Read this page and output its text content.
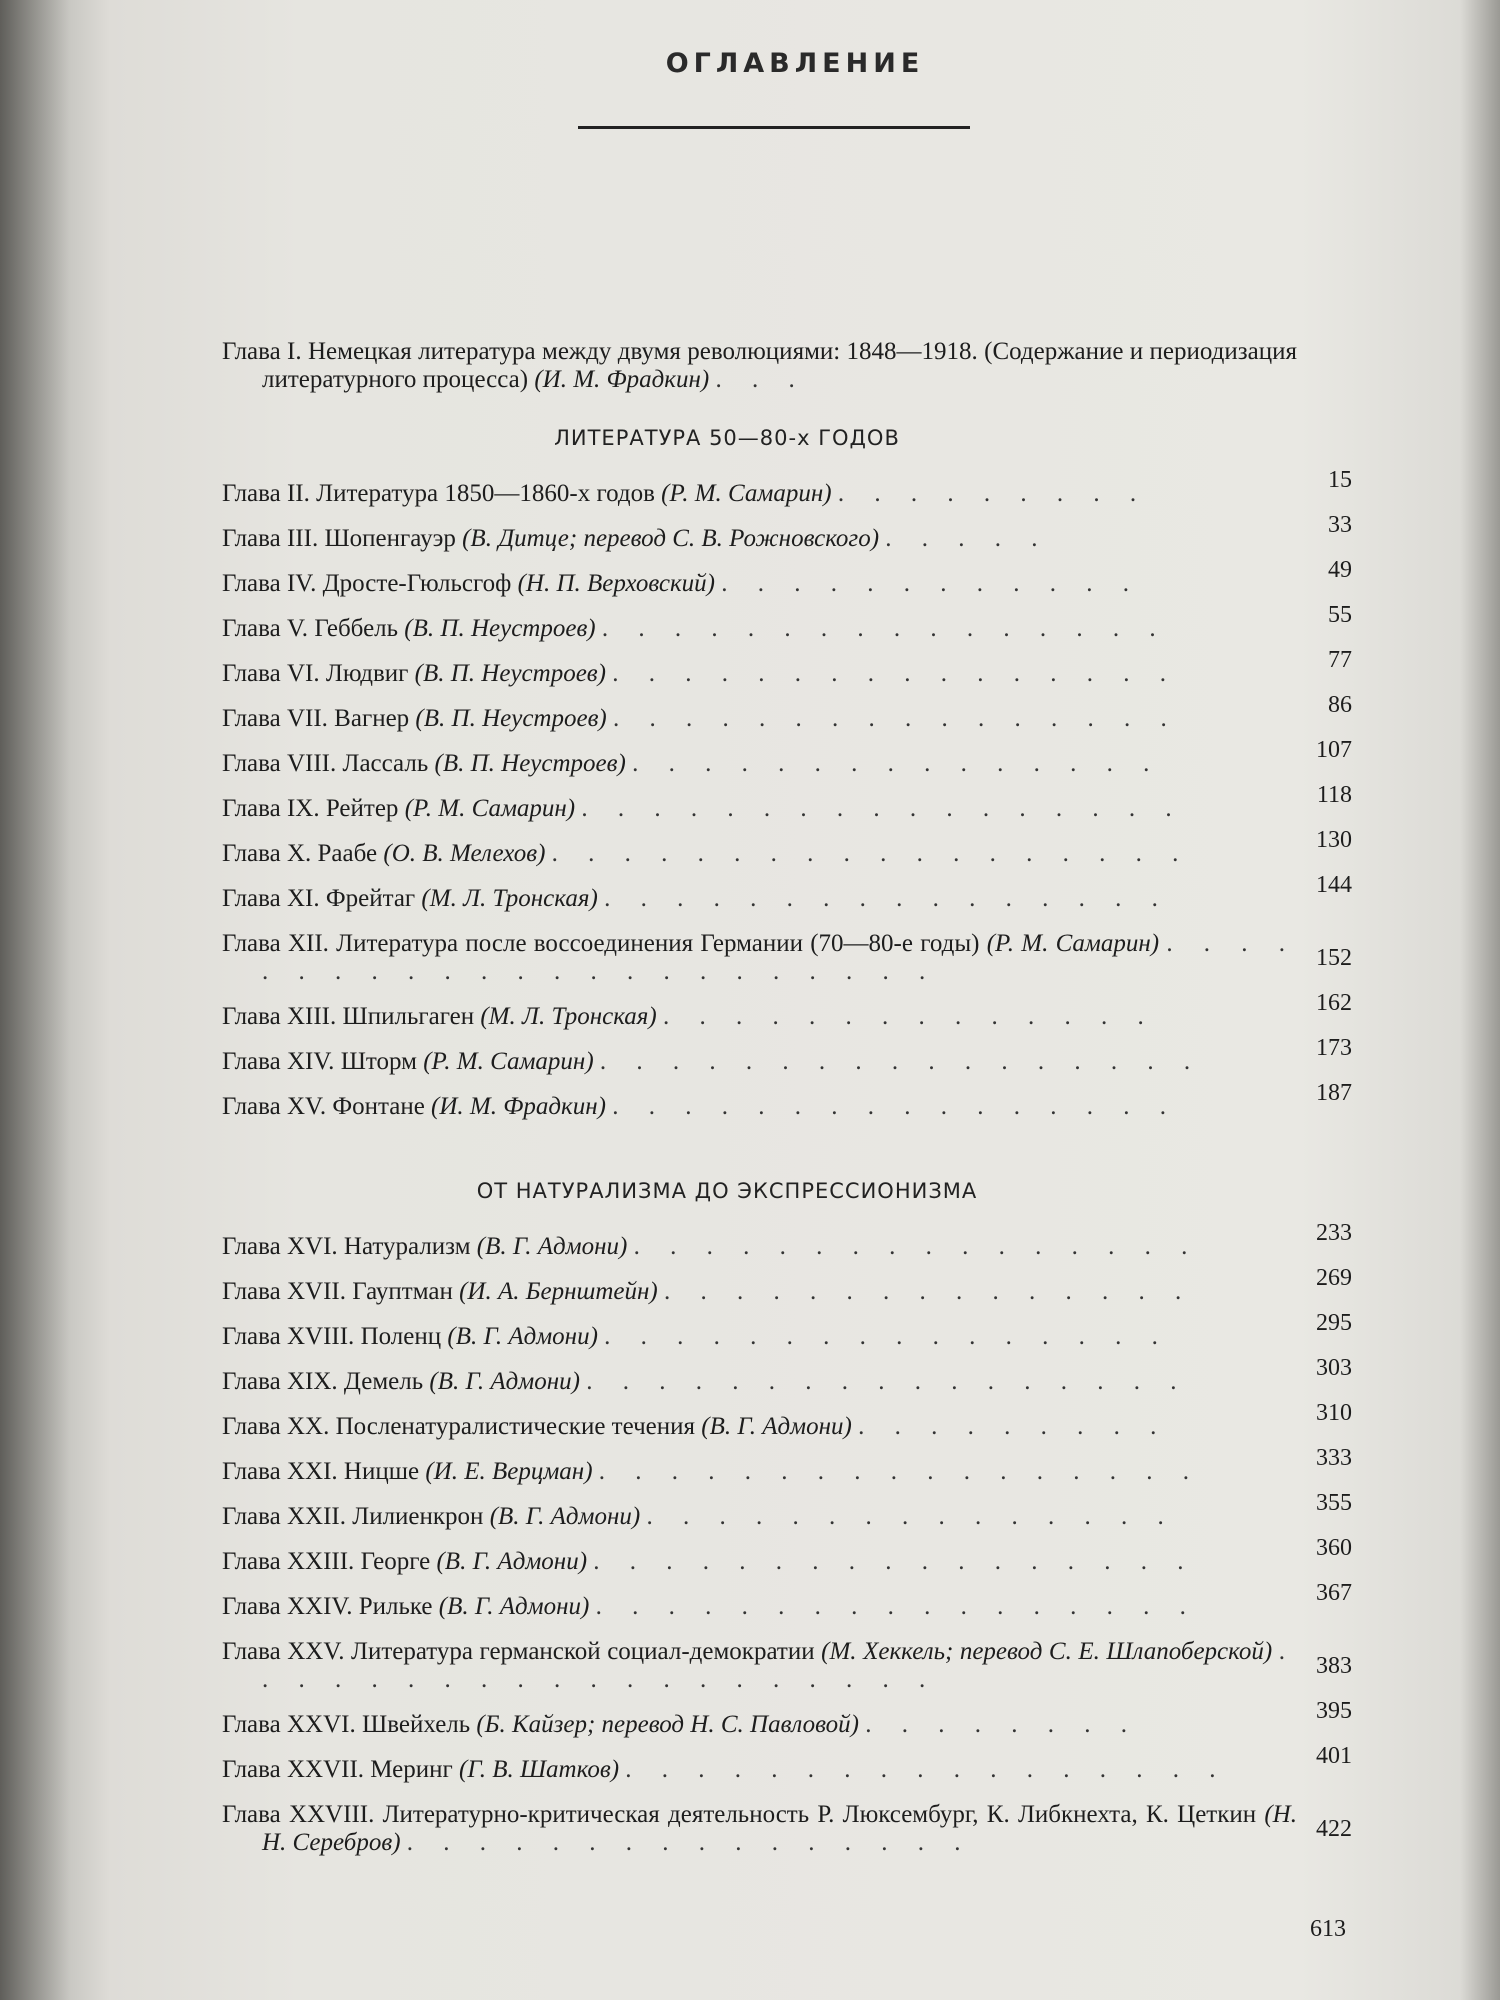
ОГЛАВЛЕНИЕ
Глава I. Немецкая литература между двумя революциями: 1848—1918. (Содержание и периодизация литературного процесса) (И. М. Фрадкин) . . .
ЛИТЕРАТУРА 50—80-х ГОДОВ
Глава II. Литература 1850—1860-х годов (Р. М. Самарин) . . . . . . . . .	15
Глава III. Шопенгауэр (В. Дитце; перевод С. В. Рожновского) . . . . .	33
Глава IV. Дросте-Гюльсгоф (Н. П. Верховский) . . . . . . . . . . . .	49
Глава V. Геббель (В. П. Неустроев) . . . . . . . . . . . . . . . .	55
Глава VI. Людвиг (В. П. Неустроев) . . . . . . . . . . . . . . . .	77
Глава VII. Вагнер (В. П. Неустроев) . . . . . . . . . . . . . . . .	86
Глава VIII. Лассаль (В. П. Неустроев) . . . . . . . . . . . . . . .	107
Глава IX. Рейтер (Р. М. Самарин) . . . . . . . . . . . . . . . . .	118
Глава X. Раабе (О. В. Мелехов) . . . . . . . . . . . . . . . . . .	130
Глава XI. Фрейтаг (М. Л. Тронская) . . . . . . . . . . . . . . . .	144
Глава XII. Литература после воссоединения Германии (70—80-е годы) (Р. М. Самарин) . . . . . . . . . . . . . . . . . . . . . . .	152
Глава XIII. Шпильгаген (М. Л. Тронская) . . . . . . . . . . . . . .	162
Глава XIV. Шторм (Р. М. Самарин) . . . . . . . . . . . . . . . . .	173
Глава XV. Фонтане (И. М. Фрадкин) . . . . . . . . . . . . . . . .	187
ОТ НАТУРАЛИЗМА ДО ЭКСПРЕССИОНИЗМА
Глава XVI. Натурализм (В. Г. Адмони) . . . . . . . . . . . . . . . .	233
Глава XVII. Гауптман (И. А. Бернштейн) . . . . . . . . . . . . . . .	269
Глава XVIII. Поленц (В. Г. Адмони) . . . . . . . . . . . . . . . .	295
Глава XIX. Демель (В. Г. Адмони) . . . . . . . . . . . . . . . . .	303
Глава XX. Посленатуралистические течения (В. Г. Адмони) . . . . . . . . .	310
Глава XXI. Ницше (И. Е. Верцман) . . . . . . . . . . . . . . . . .	333
Глава XXII. Лилиенкрон (В. Г. Адмони) . . . . . . . . . . . . . . .	355
Глава XXIII. Георге (В. Г. Адмони) . . . . . . . . . . . . . . . . .	360
Глава XXIV. Рильке (В. Г. Адмони) . . . . . . . . . . . . . . . . .	367
Глава XXV. Литература германской социал-демократии (М. Хеккель; перевод С. Е. Шлапоберской) . . . . . . . . . . . . . . . . . . . .	383
Глава XXVI. Швейхель (Б. Кайзер; перевод Н. С. Павловой) . . . . . . . .	395
Глава XXVII. Меринг (Г. В. Шатков) . . . . . . . . . . . . . . . . .	401
Глава XXVIII. Литературно-критическая деятельность Р. Люксембург, К. Либкнехта, К. Цеткин (Н. Н. Серебров) . . . . . . . . . . . . . . . .	422
613
